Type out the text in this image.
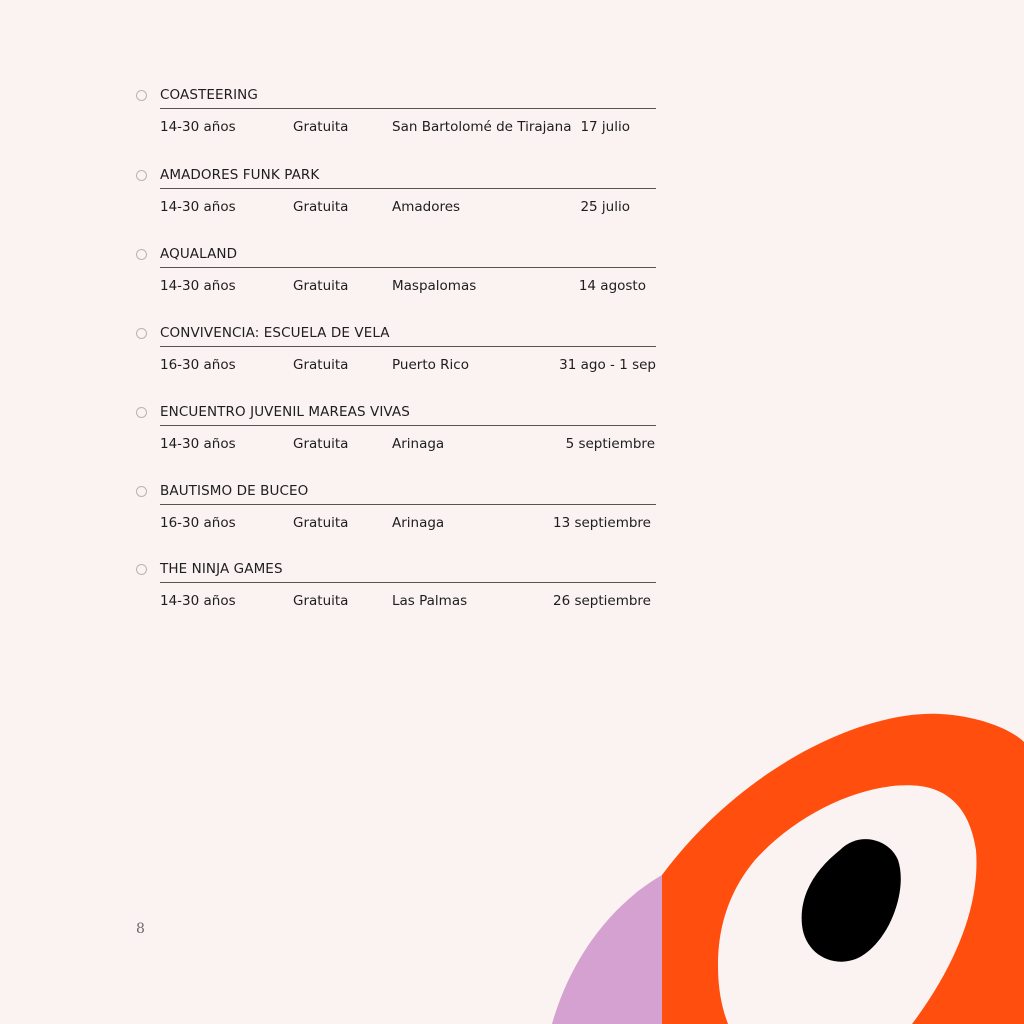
COASTEERING
14-30 años	Gratuita	San Bartolomé de Tirajana 17 julio
AMADORES FUNK PARK
14-30 años	Gratuita	Amadores	25 julio
AQUALAND
14-30 años	Gratuita	Maspalomas	14 agosto
CONVIVENCIA: ESCUELA DE VELA
16-30 años	Gratuita	Puerto Rico	31 ago - 1 sep
ENCUENTRO JUVENIL MAREAS VIVAS
14-30 años	Gratuita	Arinaga	5 septiembre
BAUTISMO DE BUCEO
16-30 años	Gratuita	Arinaga	13 septiembre
THE NINJA GAMES
14-30 años	Gratuita	Las Palmas	26 septiembre
8
